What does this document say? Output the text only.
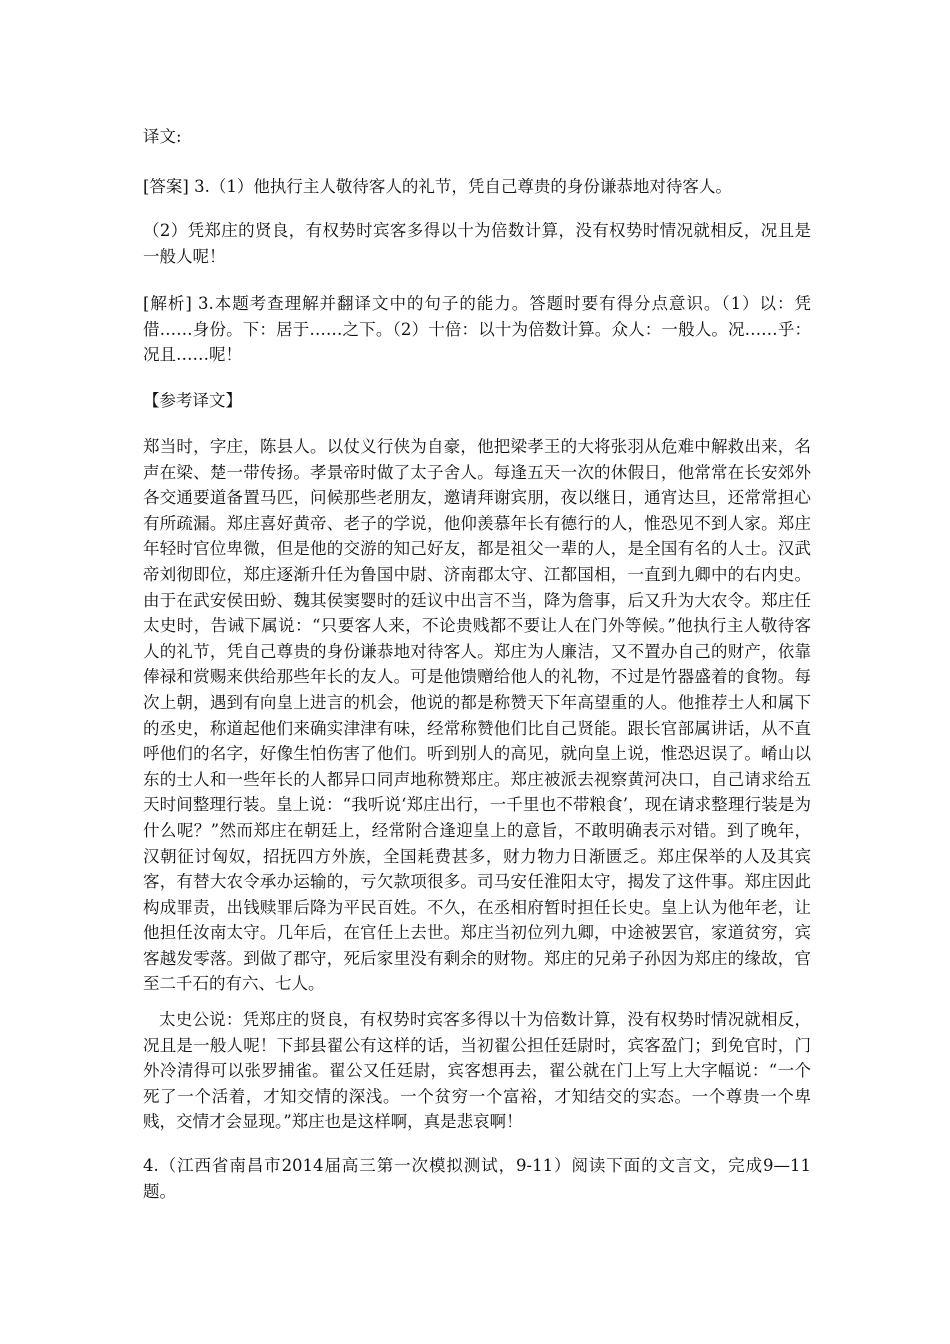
译文:

[答案] 3.（1）他执行主人敬待客人的礼节，凭自己尊贵的身份谦恭地对待客人。

（2）凭郑庄的贤良，有权势时宾客多得以十为倍数计算，没有权势时情况就相反，况且是一般人呢！

[解析] 3.本题考查理解并翻译文中的句子的能力。答题时要有得分点意识。（1）以：凭借……身份。下：居于……之下。（2）十倍：以十为倍数计算。众人：一般人。况……乎：况且……呢！

【参考译文】

郑当时，字庄，陈县人。以仗义行侠为自豪，他把梁孝王的大将张羽从危难中解救出来，名声在梁、楚一带传扬。孝景帝时做了太子舍人。每逢五天一次的休假日，他常常在长安郊外各交通要道备置马匹，问候那些老朋友，邀请拜谢宾朋，夜以继日，通宵达旦，还常常担心有所疏漏。郑庄喜好黄帝、老子的学说，他仰羡慕年长有德行的人，惟恐见不到人家。郑庄年轻时官位卑微，但是他的交游的知己好友，都是祖父一辈的人，是全国有名的人士。汉武帝刘彻即位，郑庄逐渐升任为鲁国中尉、济南郡太守、江都国相，一直到九卿中的右内史。由于在武安侯田蚡、魏其侯窦婴时的廷议中出言不当，降为詹事，后又升为大农令。郑庄任太史时，告诫下属说：“只要客人来，不论贵贱都不要让人在门外等候。”他执行主人敬待客人的礼节，凭自己尊贵的身份谦恭地对待客人。郑庄为人廉洁，又不置办自己的财产，依靠俸禄和赏赐来供给那些年长的友人。可是他馈赠给他人的礼物，不过是竹器盛着的食物。每次上朝，遇到有向皇上进言的机会，他说的都是称赞天下年高望重的人。他推荐士人和属下的丞史，称道起他们来确实津津有味，经常称赞他们比自己贤能。跟长官部属讲话，从不直呼他们的名字，好像生怕伤害了他们。听到别人的高见，就向皇上说，惟恐迟误了。崤山以东的士人和一些年长的人都异口同声地称赞郑庄。郑庄被派去视察黄河决口，自己请求给五天时间整理行装。皇上说：“我听说‘郑庄出行，一千里也不带粮食’，现在请求整理行装是为什么呢？”然而郑庄在朝廷上，经常附合逢迎皇上的意旨，不敢明确表示对错。到了晚年，汉朝征讨匈奴，招抚四方外族，全国耗费甚多，财力物力日渐匮乏。郑庄保举的人及其宾客，有替大农令承办运输的，亏欠款项很多。司马安任淮阳太守，揭发了这件事。郑庄因此构成罪责，出钱赎罪后降为平民百姓。不久，在丞相府暂时担任长史。皇上认为他年老，让他担任汝南太守。几年后，在官任上去世。郑庄当初位列九卿，中途被罢官，家道贫穷，宾客越发零落。到做了郡守，死后家里没有剩余的财物。郑庄的兄弟子孙因为郑庄的缘故，官至二千石的有六、七人。

太史公说：凭郑庄的贤良，有权势时宾客多得以十为倍数计算，没有权势时情况就相反，况且是一般人呢！下邽县翟公有这样的话，当初翟公担任廷尉时，宾客盈门；到免官时，门外冷清得可以张罗捕雀。翟公又任廷尉，宾客想再去，翟公就在门上写上大字幅说：“一个死了一个活着，才知交情的深浅。一个贫穷一个富裕，才知结交的实态。一个尊贵一个卑贱，交情才会显现。”郑庄也是这样啊，真是悲哀啊！

4.（江西省南昌市2014届高三第一次模拟测试，9-11）阅读下面的文言文，完成9—11题。
